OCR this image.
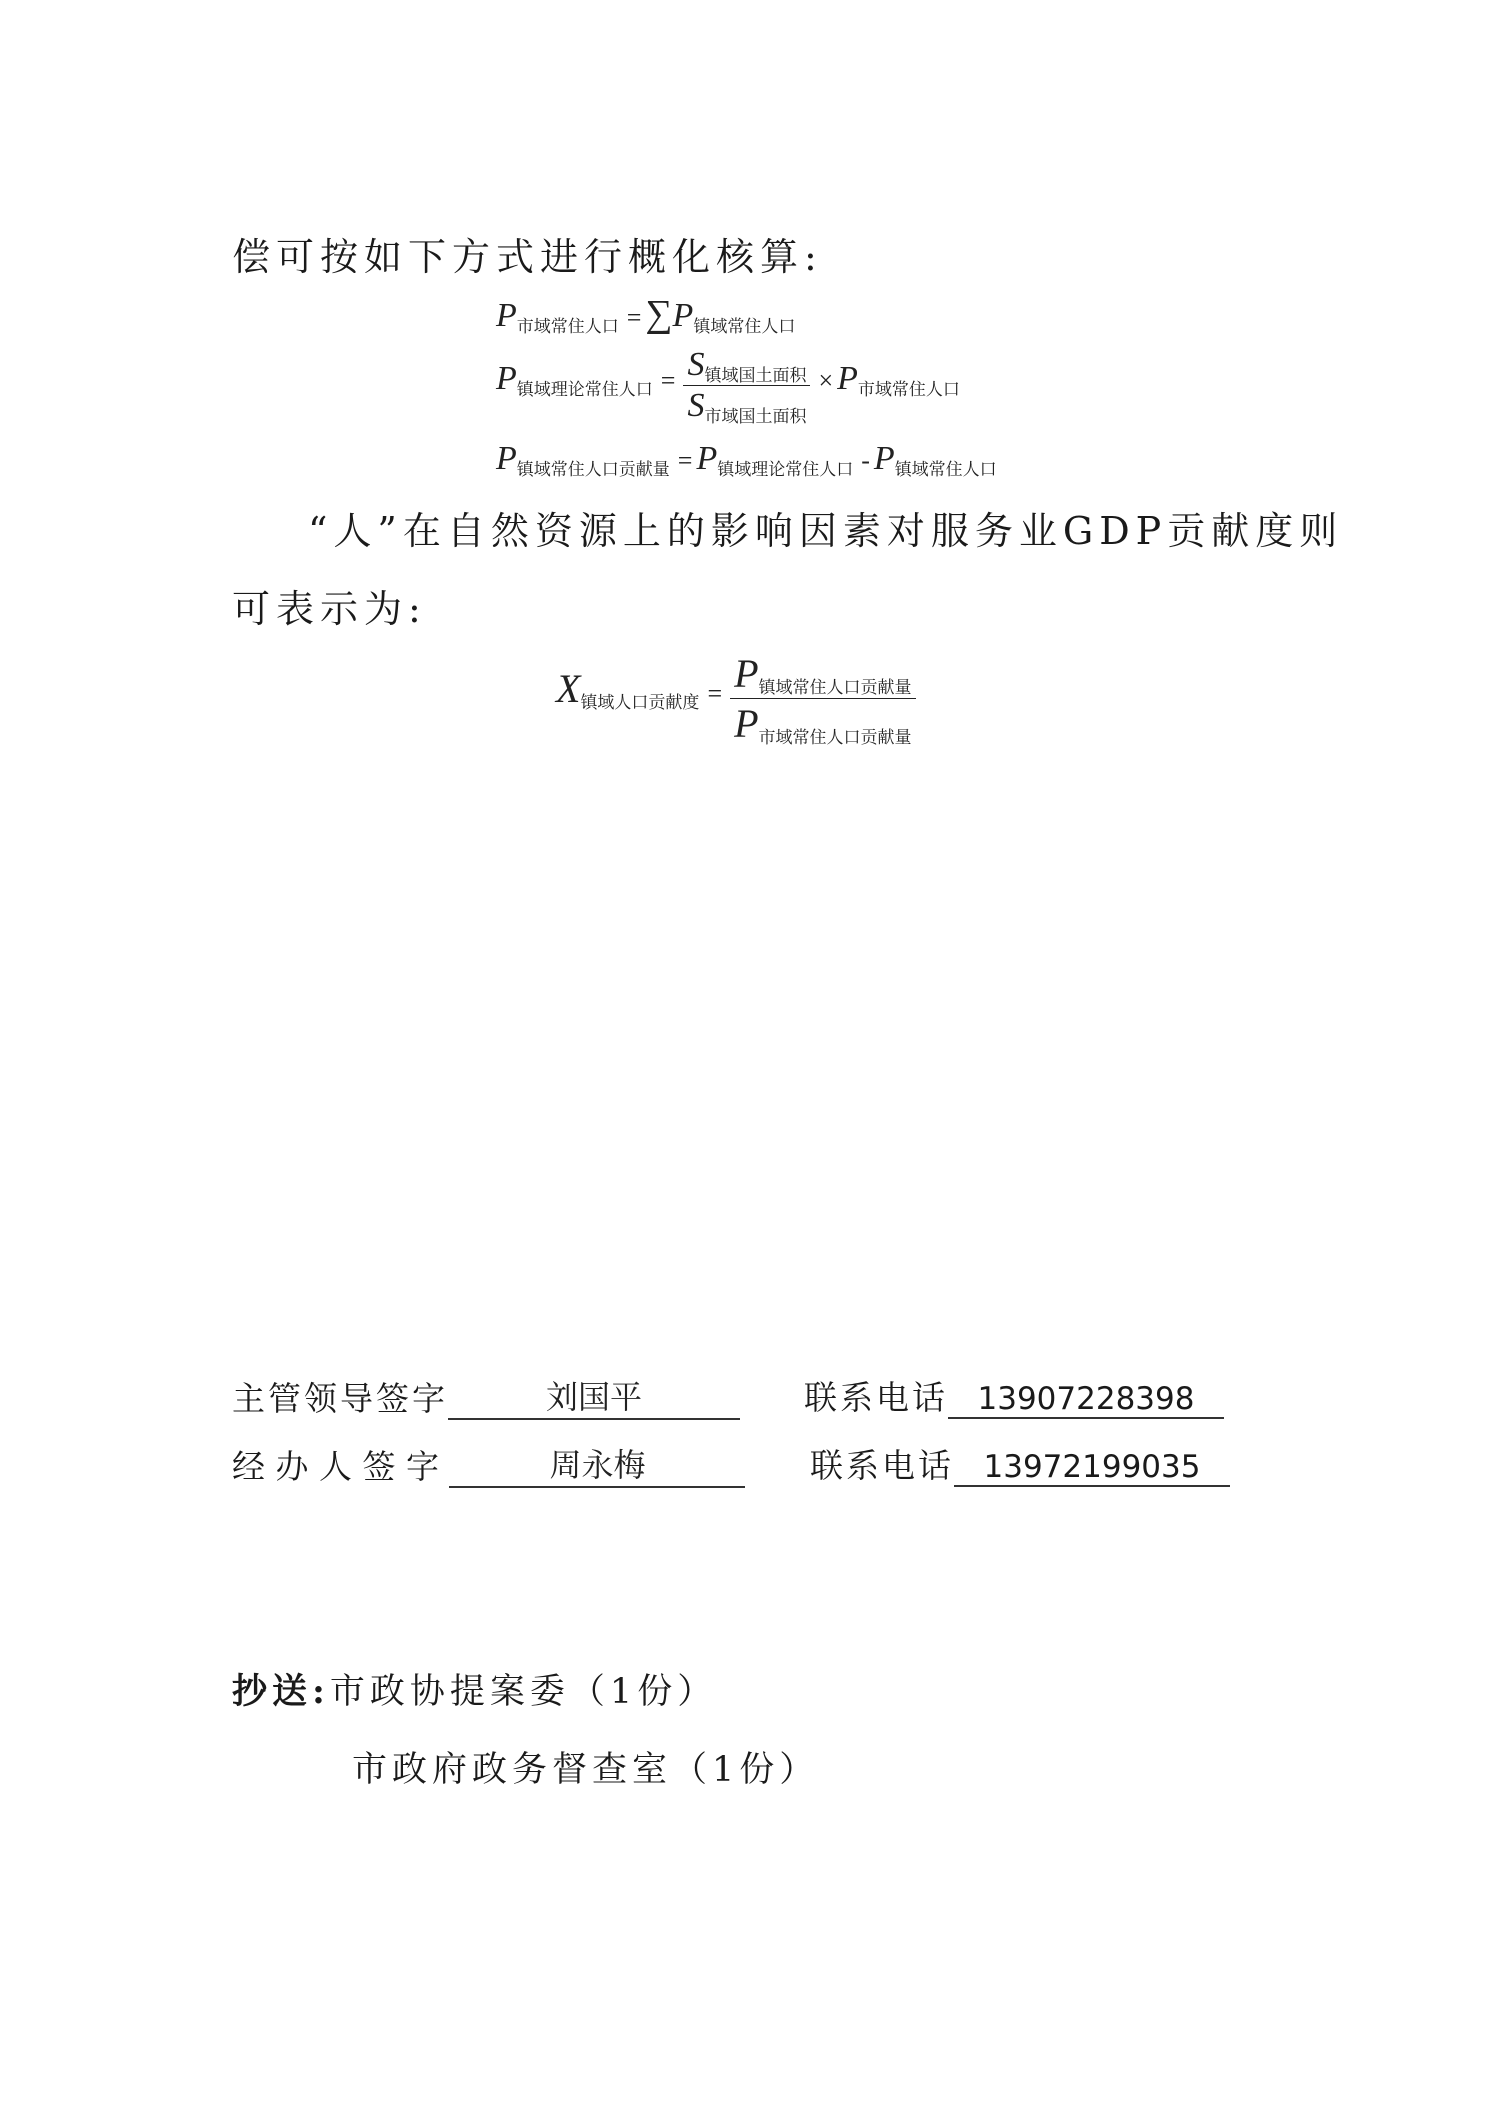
偿可按如下方式进行概化核算:
P市域常住人口 = ∑P镇域常住人口
P镇域理论常住人口 = $\frac{\text{S镇域国土面积}}{\text{S市域国土面积}} \times P$市域常住人口
P镇域常住人口贡献量 = P镇域理论常住人口 - P镇域常住人口
“人”在自然资源上的影响因素对服务业GDP贡献度则
可表示为:
X镇域人口贡献度 = $\frac{\text{P镇域常住人口贡献量}}{\text{P市域常住人口贡献量}}$
主管领导签字	刘国平	联系电话 13907228398
经 办 人 签 字	周永梅	联系电话 13972199035
抄送:市政协提案委（1份）
市政府政务督查室（1份）
